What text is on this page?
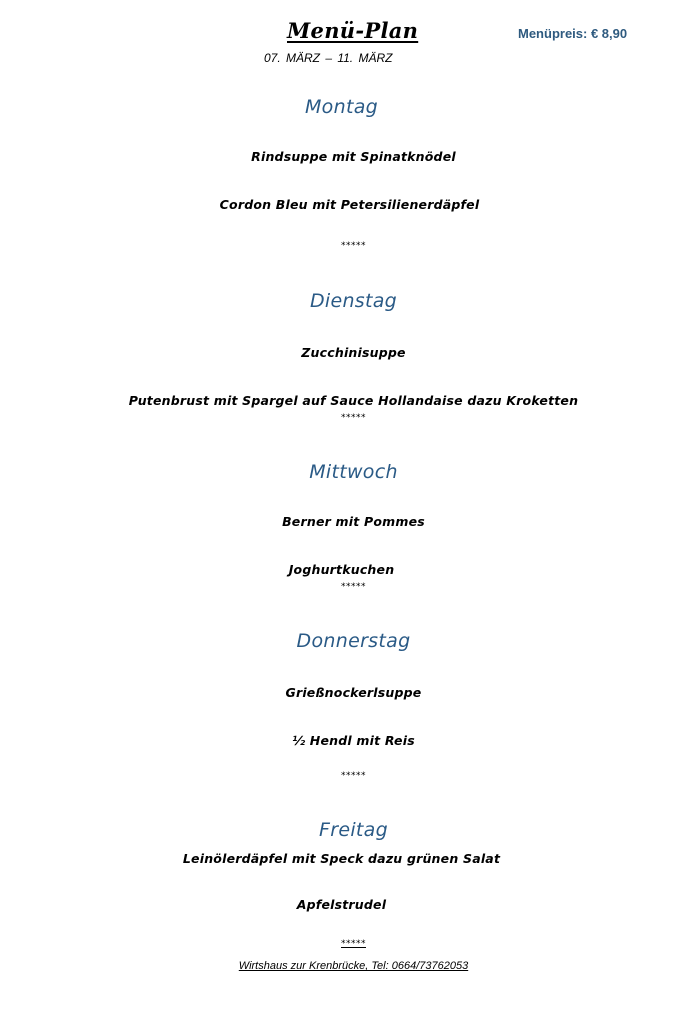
Menü-Plan	Menüpreis: € 8,90
07. MÄRZ – 11. MÄRZ
Montag
Rindsuppe mit Spinatknödel
Cordon Bleu mit Petersilienerdäpfel
*****
Dienstag
Zucchinisuppe
Putenbrust mit Spargel auf Sauce Hollandaise dazu Kroketten
*****
Mittwoch
Berner mit Pommes
Joghurtkuchen
*****
Donnerstag
Grießnockerlsuppe
½ Hendl mit Reis
*****
Freitag
Leinölerdäpfel mit Speck dazu grünen Salat
Apfelstrudel
*****
Wirtshaus zur Krenbrücke, Tel: 0664/73762053
